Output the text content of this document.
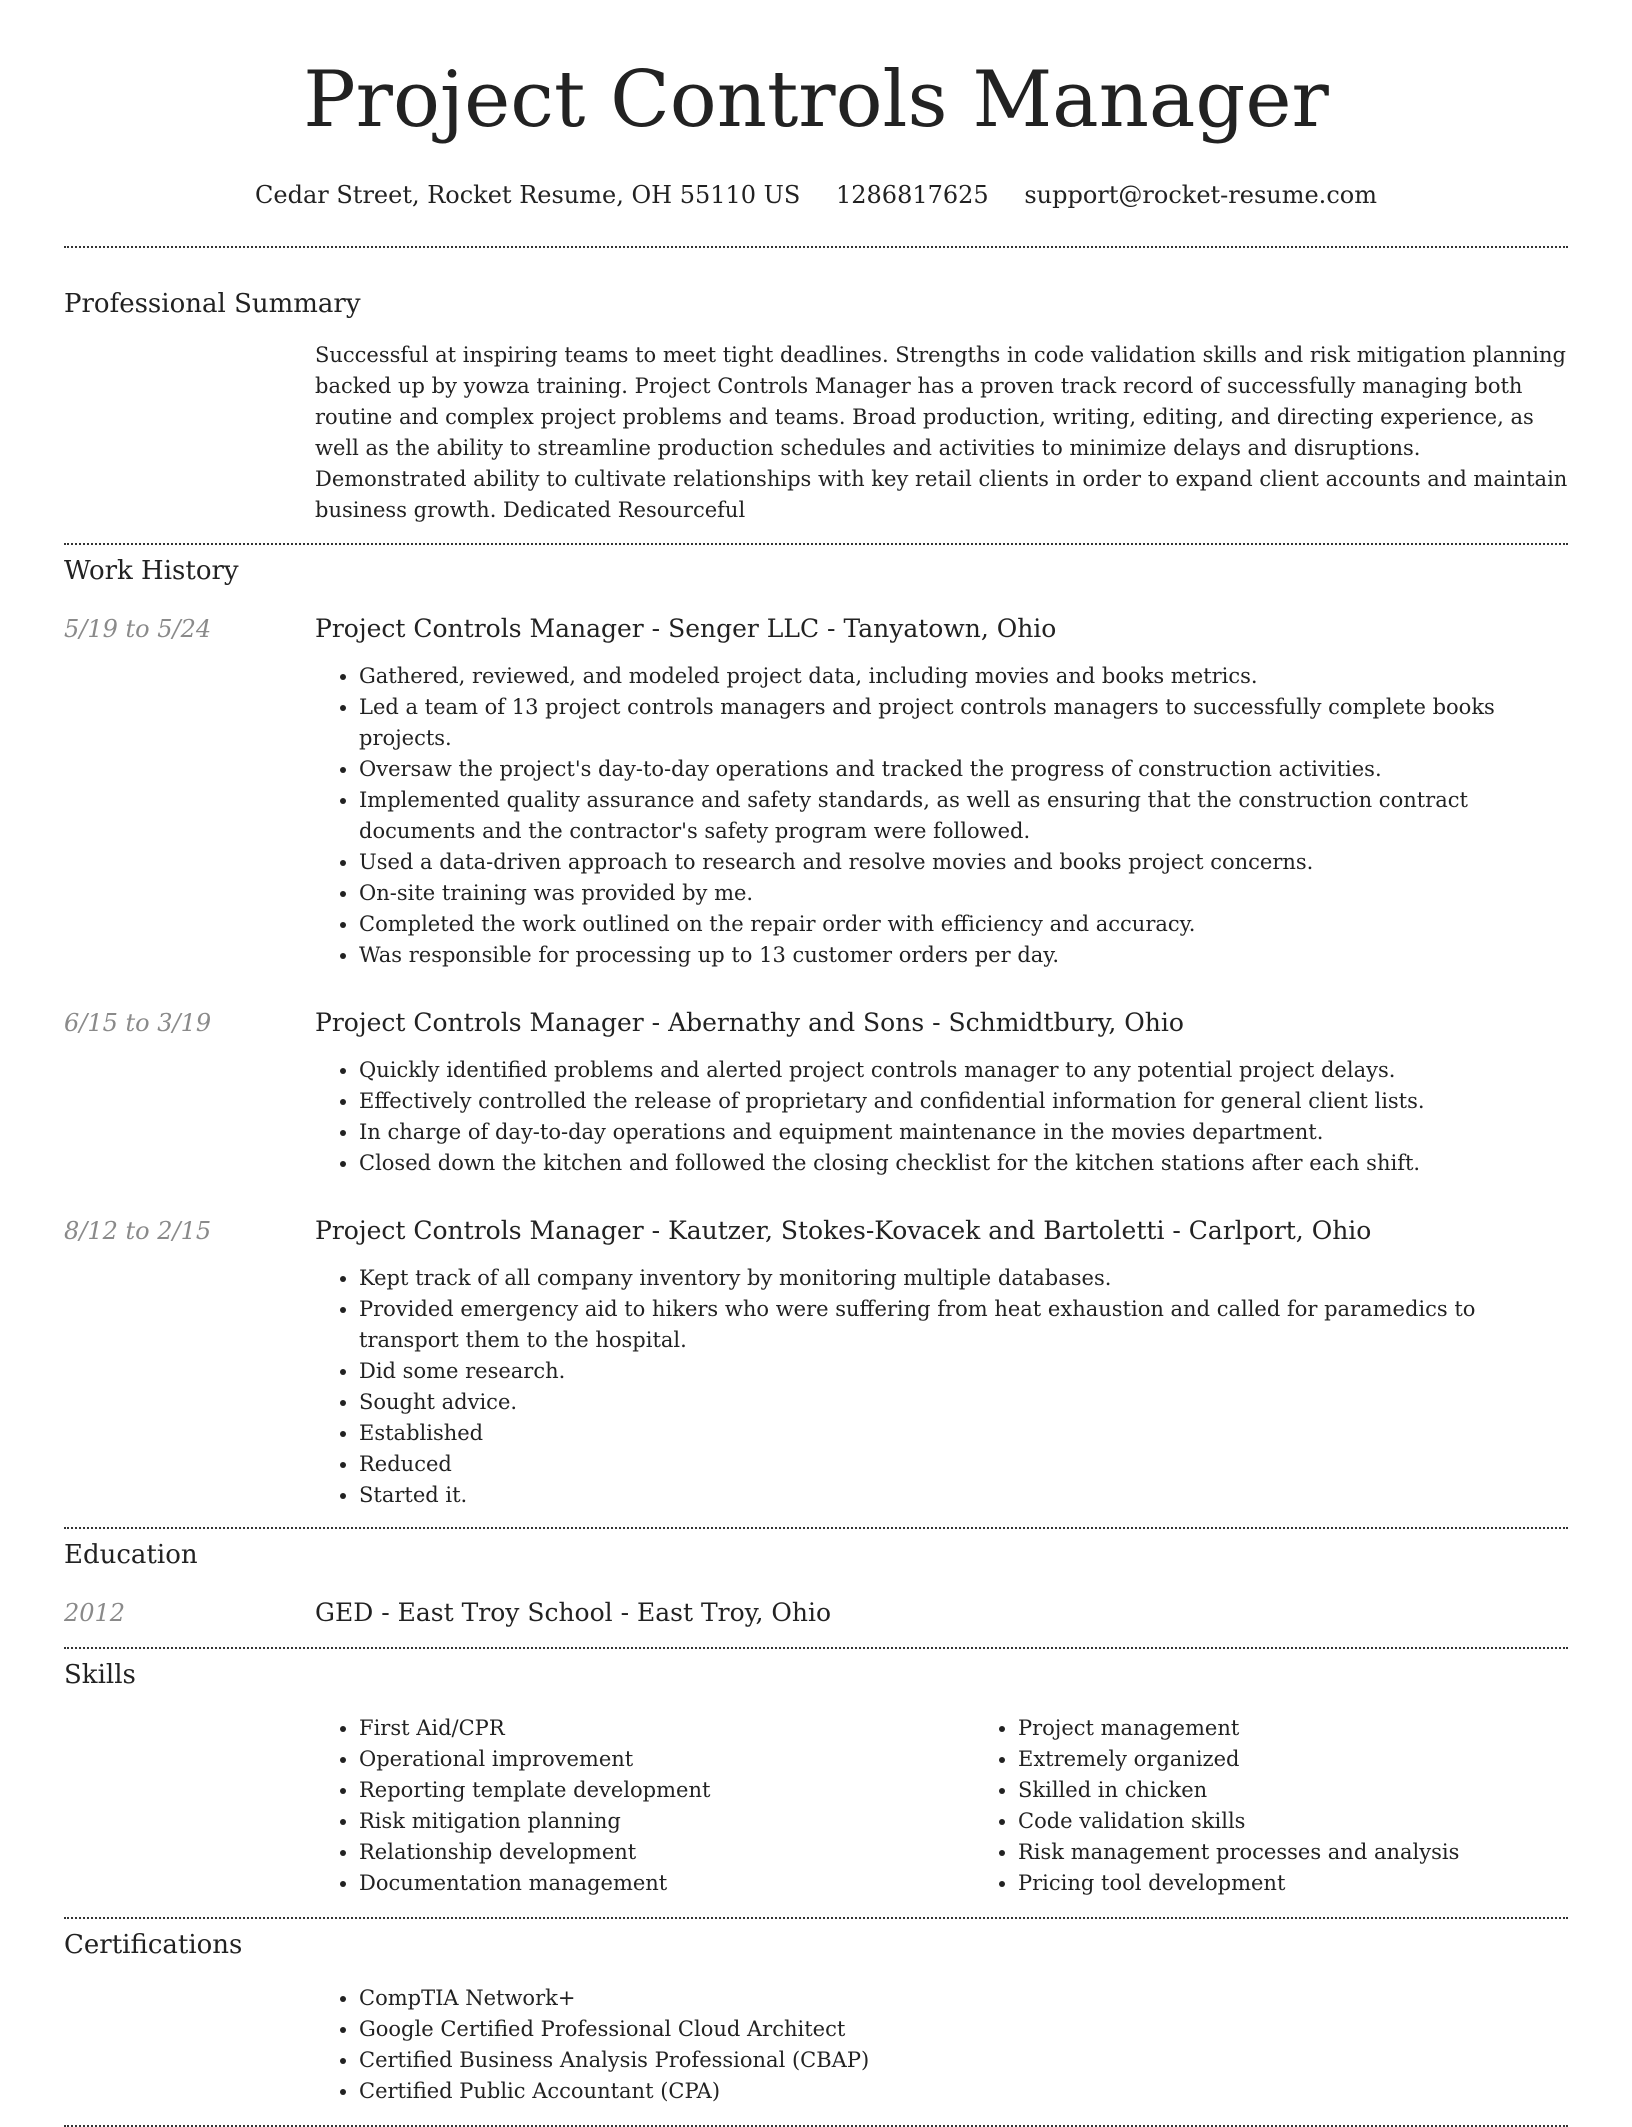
Project Controls Manager
Cedar Street, Rocket Resume, OH 55110 US 1286817625 support@rocket-resume.com
Professional Summary
Successful at inspiring teams to meet tight deadlines. Strengths in code validation skills and risk mitigation planning backed up by yowza training. Project Controls Manager has a proven track record of successfully managing both routine and complex project problems and teams. Broad production, writing, editing, and directing experience, as well as the ability to streamline production schedules and activities to minimize delays and disruptions. Demonstrated ability to cultivate relationships with key retail clients in order to expand client accounts and maintain business growth. Dedicated Resourceful
Work History
5/19 to 5/24	Project Controls Manager - Senger LLC - Tanyatown, Ohio
• Gathered, reviewed, and modeled project data, including movies and books metrics.
• Led a team of 13 project controls managers and project controls managers to successfully complete books projects.
• Oversaw the project's day-to-day operations and tracked the progress of construction activities.
• Implemented quality assurance and safety standards, as well as ensuring that the construction contract documents and the contractor's safety program were followed.
• Used a data-driven approach to research and resolve movies and books project concerns.
• On-site training was provided by me.
• Completed the work outlined on the repair order with efficiency and accuracy.
• Was responsible for processing up to 13 customer orders per day.
6/15 to 3/19	Project Controls Manager - Abernathy and Sons - Schmidtbury, Ohio
• Quickly identified problems and alerted project controls manager to any potential project delays.
• Effectively controlled the release of proprietary and confidential information for general client lists.
• In charge of day-to-day operations and equipment maintenance in the movies department.
• Closed down the kitchen and followed the closing checklist for the kitchen stations after each shift.
8/12 to 2/15	Project Controls Manager - Kautzer, Stokes-Kovacek and Bartoletti - Carlport, Ohio
• Kept track of all company inventory by monitoring multiple databases.
• Provided emergency aid to hikers who were suffering from heat exhaustion and called for paramedics to transport them to the hospital.
• Did some research.
• Sought advice.
• Established
• Reduced
• Started it.
Education
2012	GED - East Troy School - East Troy, Ohio
Skills
• First Aid/CPR
• Operational improvement
• Reporting template development
• Risk mitigation planning
• Relationship development
• Documentation management
• Project management
• Extremely organized
• Skilled in chicken
• Code validation skills
• Risk management processes and analysis
• Pricing tool development
Certifications
• CompTIA Network+
• Google Certified Professional Cloud Architect
• Certified Business Analysis Professional (CBAP)
• Certified Public Accountant (CPA)
